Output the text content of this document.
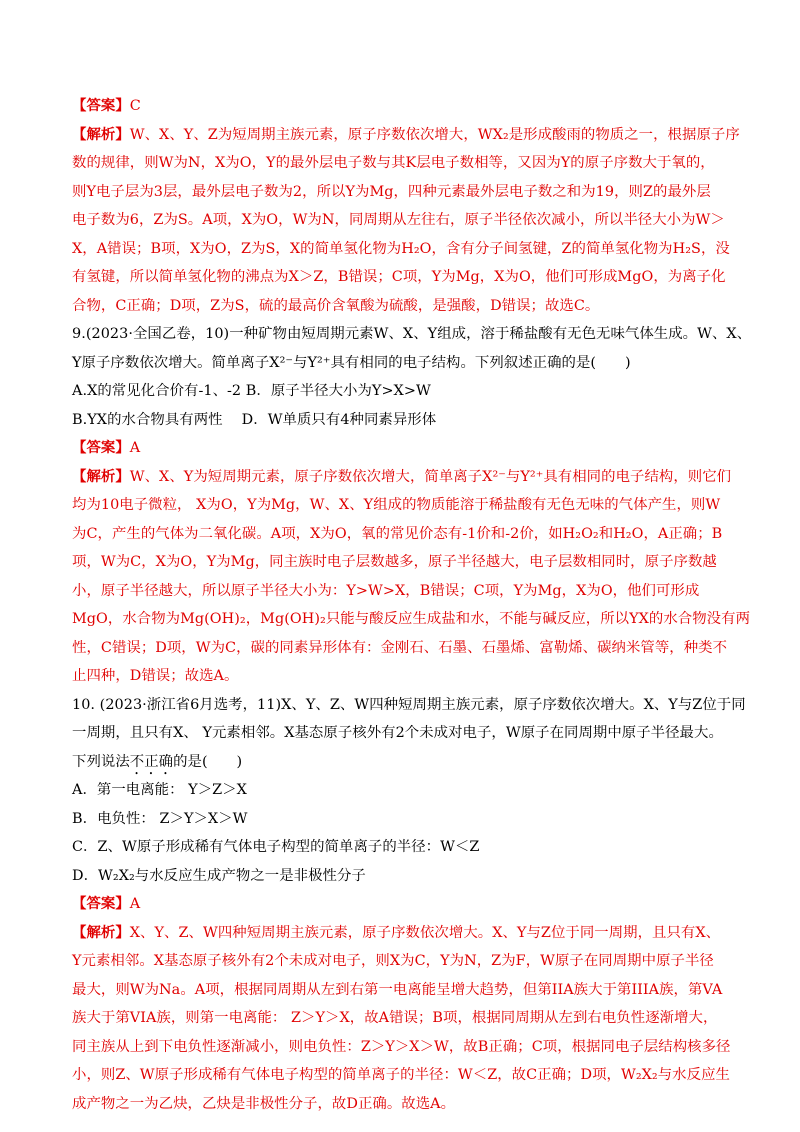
【答案】C
【解析】W、X、Y、Z为短周期主族元素，原子序数依次增大，WX₂是形成酸雨的物质之一，根据原子序
数的规律，则W为N，X为O，Y的最外层电子数与其K层电子数相等，又因为Y的原子序数大于氧的，
则Y电子层为3层，最外层电子数为2，所以Y为Mg，四种元素最外层电子数之和为19，则Z的最外层
电子数为6，Z为S。A项，X为O，W为N，同周期从左往右，原子半径依次减小，所以半径大小为W＞
X，A错误；B项，X为O，Z为S，X的简单氢化物为H₂O，含有分子间氢键，Z的简单氢化物为H₂S，没
有氢键，所以简单氢化物的沸点为X＞Z，B错误；C项，Y为Mg，X为O，他们可形成MgO，为离子化
合物，C正确；D项，Z为S，硫的最高价含氧酸为硫酸，是强酸，D错误；故选C。
9.(2023·全国乙卷，10)一种矿物由短周期元素W、X、Y组成，溶于稀盐酸有无色无味气体生成。W、X、
Y原子序数依次增大。简单离子X²⁻与Y²⁺具有相同的电子结构。下列叙述正确的是(　　)
A.X的常见化合价有-1、-2 B．原子半径大小为Y>X>W
B.YX的水合物具有两性　 D．W单质只有4种同素异形体
【答案】A
【解析】W、X、Y为短周期元素，原子序数依次增大，简单离子X²⁻与Y²⁺具有相同的电子结构，则它们
均为10电子微粒， X为O，Y为Mg，W、X、Y组成的物质能溶于稀盐酸有无色无味的气体产生，则W
为C，产生的气体为二氧化碳。A项，X为O，氧的常见价态有-1价和-2价，如H₂O₂和H₂O，A正确；B
项，W为C，X为O，Y为Mg，同主族时电子层数越多，原子半径越大，电子层数相同时，原子序数越
小，原子半径越大，所以原子半径大小为：Y>W>X，B错误；C项，Y为Mg，X为O，他们可形成
MgO，水合物为Mg(OH)₂，Mg(OH)₂只能与酸反应生成盐和水，不能与碱反应，所以YX的水合物没有两
性，C错误；D项，W为C，碳的同素异形体有：金刚石、石墨、石墨烯、富勒烯、碳纳米管等，种类不
止四种，D错误；故选A。
10. (2023·浙江省6月选考，11)X、Y、Z、W四种短周期主族元素，原子序数依次增大。X、Y与Z位于同
一周期，且只有X、 Y元素相邻。X基态原子核外有2个未成对电子，W原子在同周期中原子半径最大。
下列说法不正确的是(　　)
A．第一电离能： Y＞Z＞X
B．电负性： Z＞Y＞X＞W
C．Z、W原子形成稀有气体电子构型的简单离子的半径：W＜Z
D．W₂X₂与水反应生成产物之一是非极性分子
【答案】A
【解析】X、Y、Z、W四种短周期主族元素，原子序数依次增大。X、Y与Z位于同一周期，且只有X、
Y元素相邻。X基态原子核外有2个未成对电子，则X为C，Y为N，Z为F，W原子在同周期中原子半径
最大，则W为Na。A项，根据同周期从左到右第一电离能呈增大趋势，但第IIA族大于第IIIA族，第VA
族大于第VIA族，则第一电离能： Z＞Y＞X，故A错误；B项，根据同周期从左到右电负性逐渐增大，
同主族从上到下电负性逐渐减小，则电负性：Z＞Y＞X＞W，故B正确；C项，根据同电子层结构核多径
小，则Z、W原子形成稀有气体电子构型的简单离子的半径：W＜Z，故C正确；D项，W₂X₂与水反应生
成产物之一为乙炔，乙炔是非极性分子，故D正确。故选A。
